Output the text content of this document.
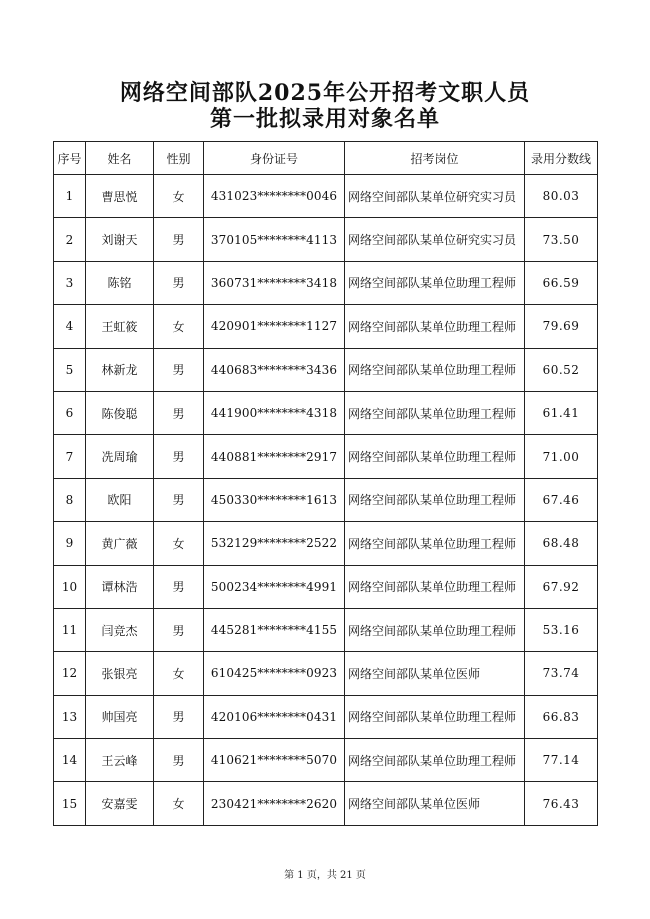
网络空间部队2025年公开招考文职人员
第一批拟录用对象名单
序号	姓名	性别	身份证号	招考岗位	录用分数线
1	曹思悦	女	431023********0046	网络空间部队某单位研究实习员	80.03
2	刘谢天	男	370105********4113	网络空间部队某单位研究实习员	73.50
3	陈铭	男	360731********3418	网络空间部队某单位助理工程师	66.59
4	王虹筱	女	420901********1127	网络空间部队某单位助理工程师	79.69
5	林新龙	男	440683********3436	网络空间部队某单位助理工程师	60.52
6	陈俊聪	男	441900********4318	网络空间部队某单位助理工程师	61.41
7	冼周瑜	男	440881********2917	网络空间部队某单位助理工程师	71.00
8	欧阳	男	450330********1613	网络空间部队某单位助理工程师	67.46
9	黄广薇	女	532129********2522	网络空间部队某单位助理工程师	68.48
10	谭林浩	男	500234********4991	网络空间部队某单位助理工程师	67.92
11	闫竞杰	男	445281********4155	网络空间部队某单位助理工程师	53.16
12	张银亮	女	610425********0923	网络空间部队某单位医师	73.74
13	帅国亮	男	420106********0431	网络空间部队某单位助理工程师	66.83
14	王云峰	男	410621********5070	网络空间部队某单位助理工程师	77.14
15	安嘉雯	女	230421********2620	网络空间部队某单位医师	76.43
第 1 页，共 21 页
